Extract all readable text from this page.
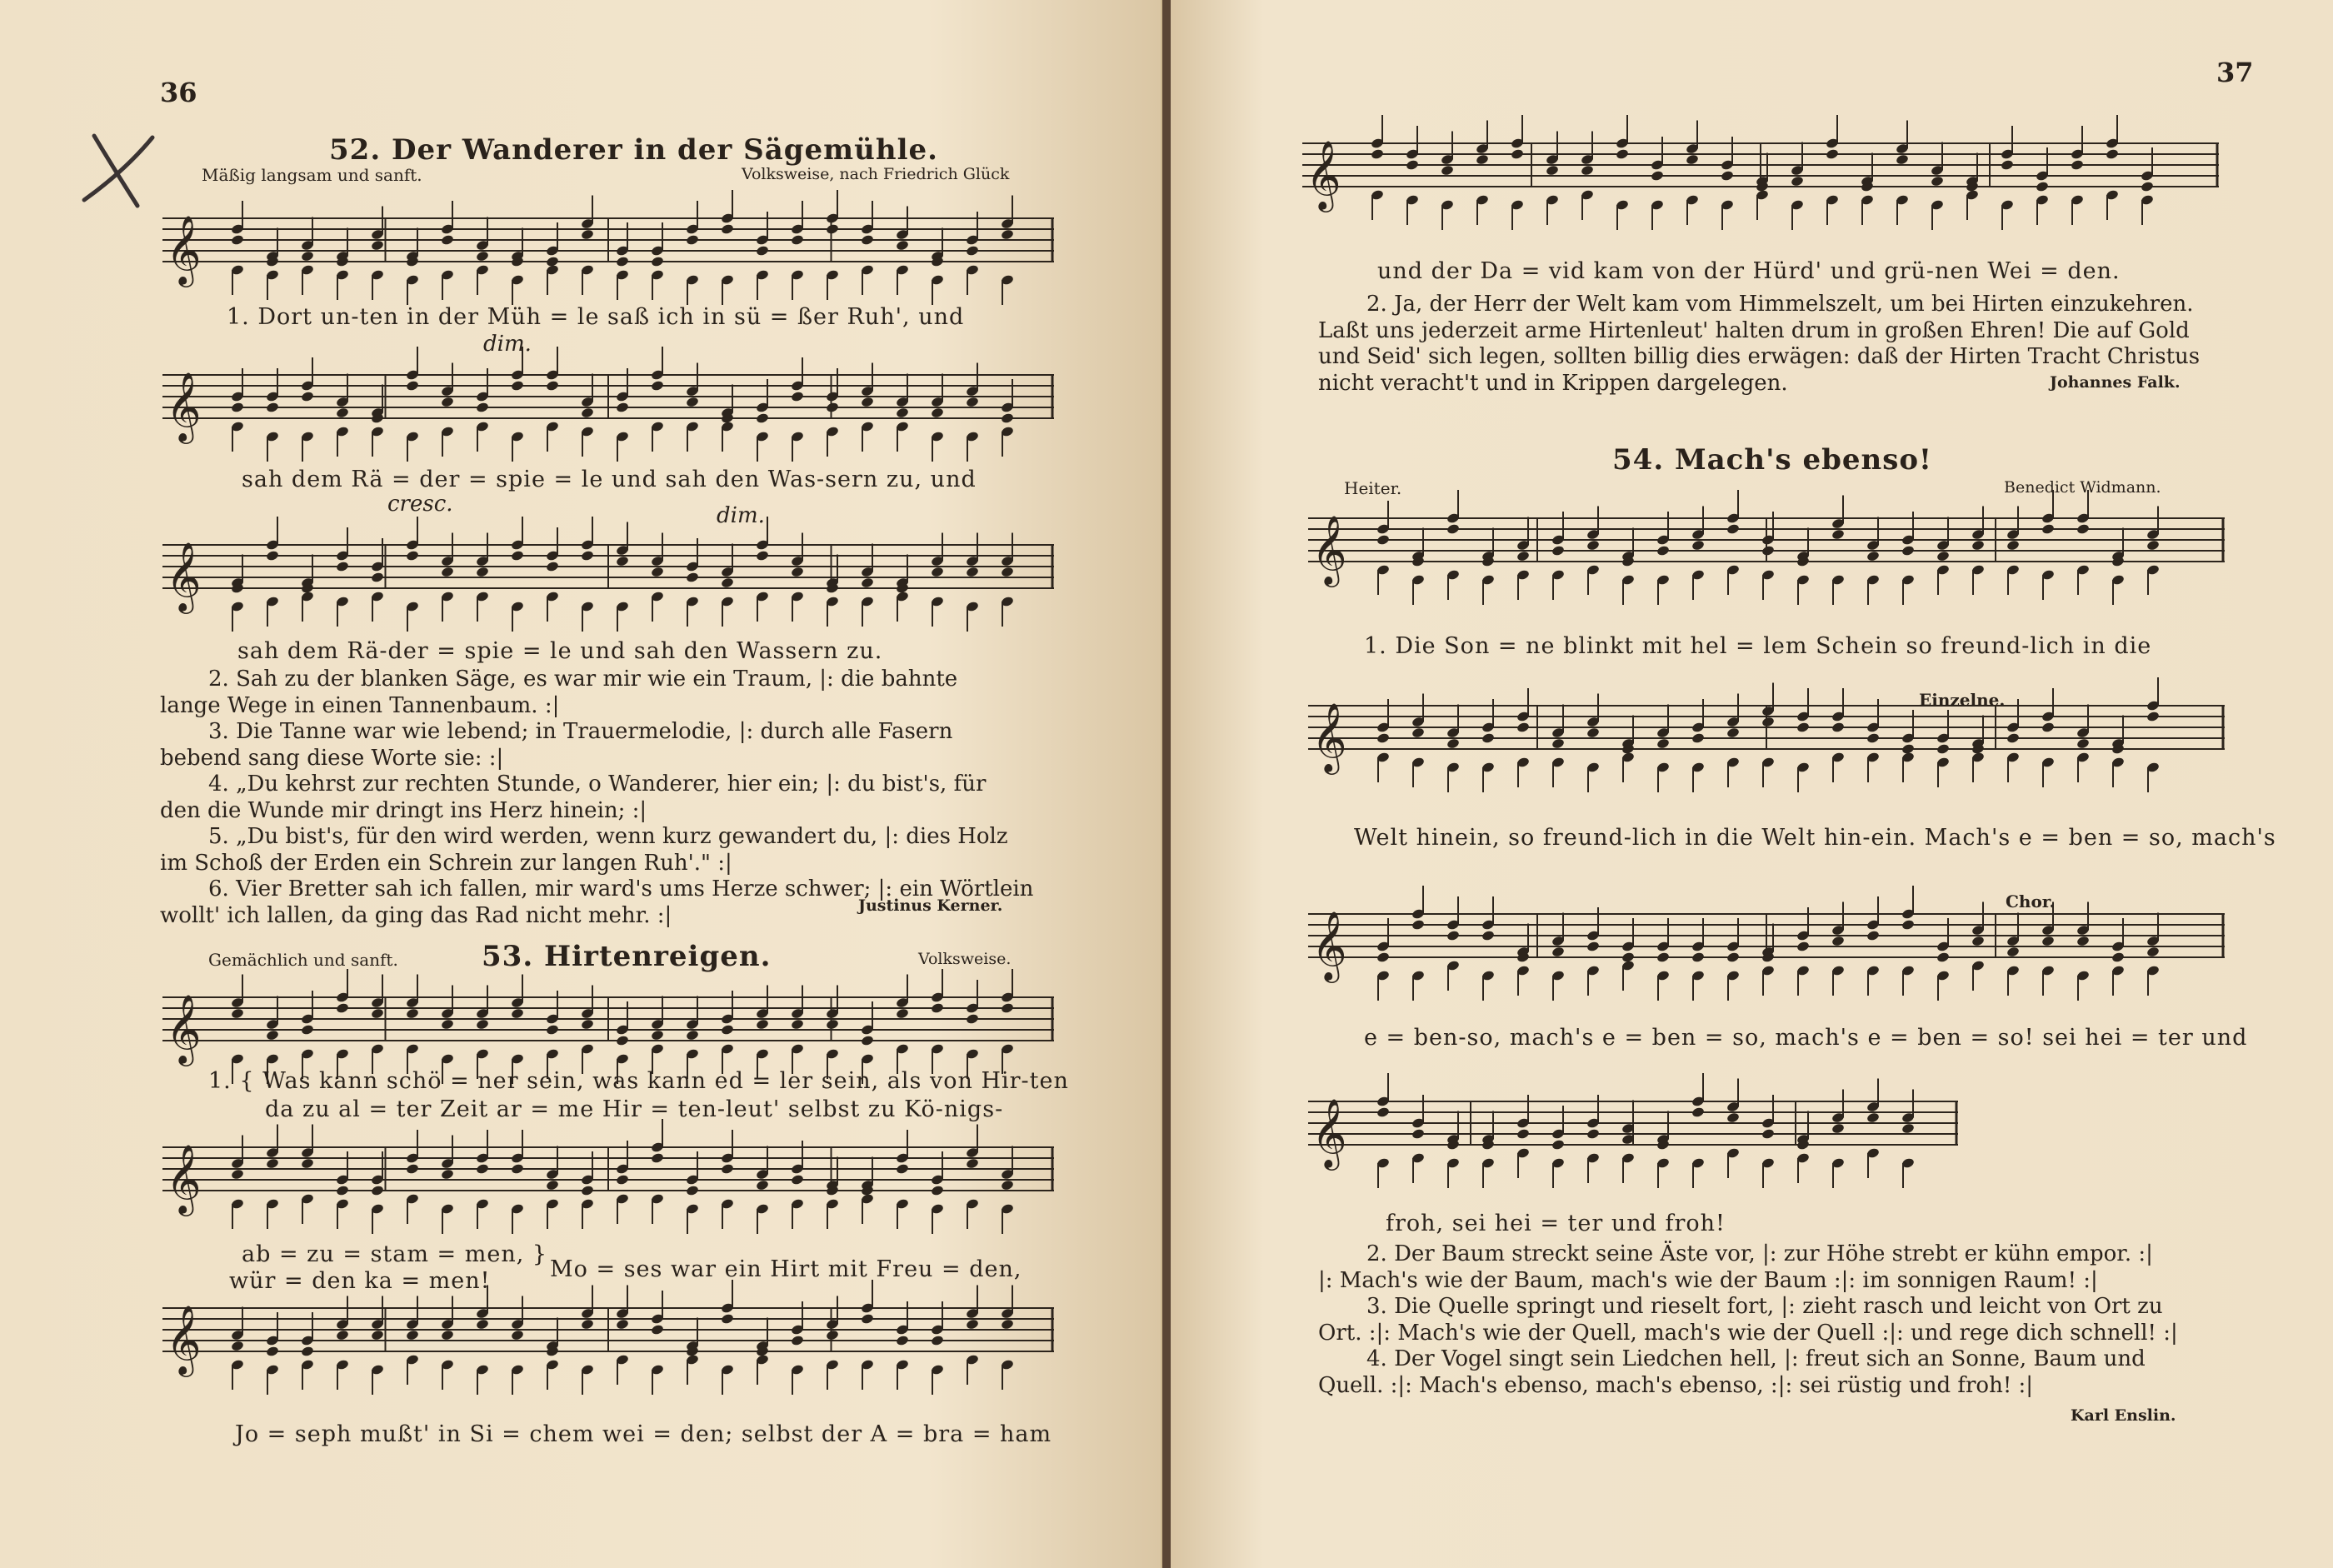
36
52. Der Wanderer in der Sägemühle.
Mäßig langsam und sanft.	Volksweise, nach Friedrich Glück
𝄞
1. Dort un-ten in der Müh = le saß ich in sü = ßer Ruh', und
dim.
𝄞
sah dem Rä = der = spie = le und sah den Was-sern zu, und
cresc.	dim.
𝄞
sah dem Rä-der = spie = le und sah den Wassern zu.
2. Sah zu der blanken Säge, es war mir wie ein Traum, |: die bahnte
lange Wege in einen Tannenbaum. :|
3. Die Tanne war wie lebend; in Trauermelodie, |: durch alle Fasern
bebend sang diese Worte sie: :|
4. „Du kehrst zur rechten Stunde, o Wanderer, hier ein; |: du bist's, für
den die Wunde mir dringt ins Herz hinein; :|
5. „Du bist's, für den wird werden, wenn kurz gewandert du, |: dies Holz
im Schoß der Erden ein Schrein zur langen Ruh'." :|
6. Vier Bretter sah ich fallen, mir ward's ums Herze schwer; |: ein Wörtlein
wollt' ich lallen, da ging das Rad nicht mehr. :|	Justinus Kerner.
Gemächlich und sanft.	53. Hirtenreigen.	Volksweise.
𝄞
1. { Was kann schö = ner sein, was kann ed = ler sein, als von Hir-ten
da zu al = ter Zeit ar = me Hir = ten-leut' selbst zu Kö-nigs-
𝄞
ab = zu = stam = men, }
wür = den ka = men!	Mo = ses war ein Hirt mit Freu = den,
𝄞
Jo = seph mußt' in Si = chem wei = den; selbst der A = bra = ham
37
𝄞
und der Da = vid kam von der Hürd' und grü-nen Wei = den.
2. Ja, der Herr der Welt kam vom Himmelszelt, um bei Hirten einzukehren.
Laßt uns jederzeit arme Hirtenleut' halten drum in großen Ehren! Die auf Gold
und Seid' sich legen, sollten billig dies erwägen: daß der Hirten Tracht Christus
nicht veracht't und in Krippen dargelegen.	Johannes Falk.
54. Mach's ebenso!
Heiter.	Benedict Widmann.
𝄞
1. Die Son = ne blinkt mit hel = lem Schein so freund-lich in die
Einzelne.
𝄞
Welt hinein, so freund-lich in die Welt hin-ein. Mach's e = ben = so, mach's
Chor.
𝄞
e = ben-so, mach's e = ben = so, mach's e = ben = so! sei hei = ter und
𝄞
froh, sei hei = ter und froh!
2. Der Baum streckt seine Äste vor, |: zur Höhe strebt er kühn empor. :|
|: Mach's wie der Baum, mach's wie der Baum :|: im sonnigen Raum! :|
3. Die Quelle springt und rieselt fort, |: zieht rasch und leicht von Ort zu
Ort. :|: Mach's wie der Quell, mach's wie der Quell :|: und rege dich schnell! :|
4. Der Vogel singt sein Liedchen hell, |: freut sich an Sonne, Baum und
Quell. :|: Mach's ebenso, mach's ebenso, :|: sei rüstig und froh! :|
Karl Enslin.
